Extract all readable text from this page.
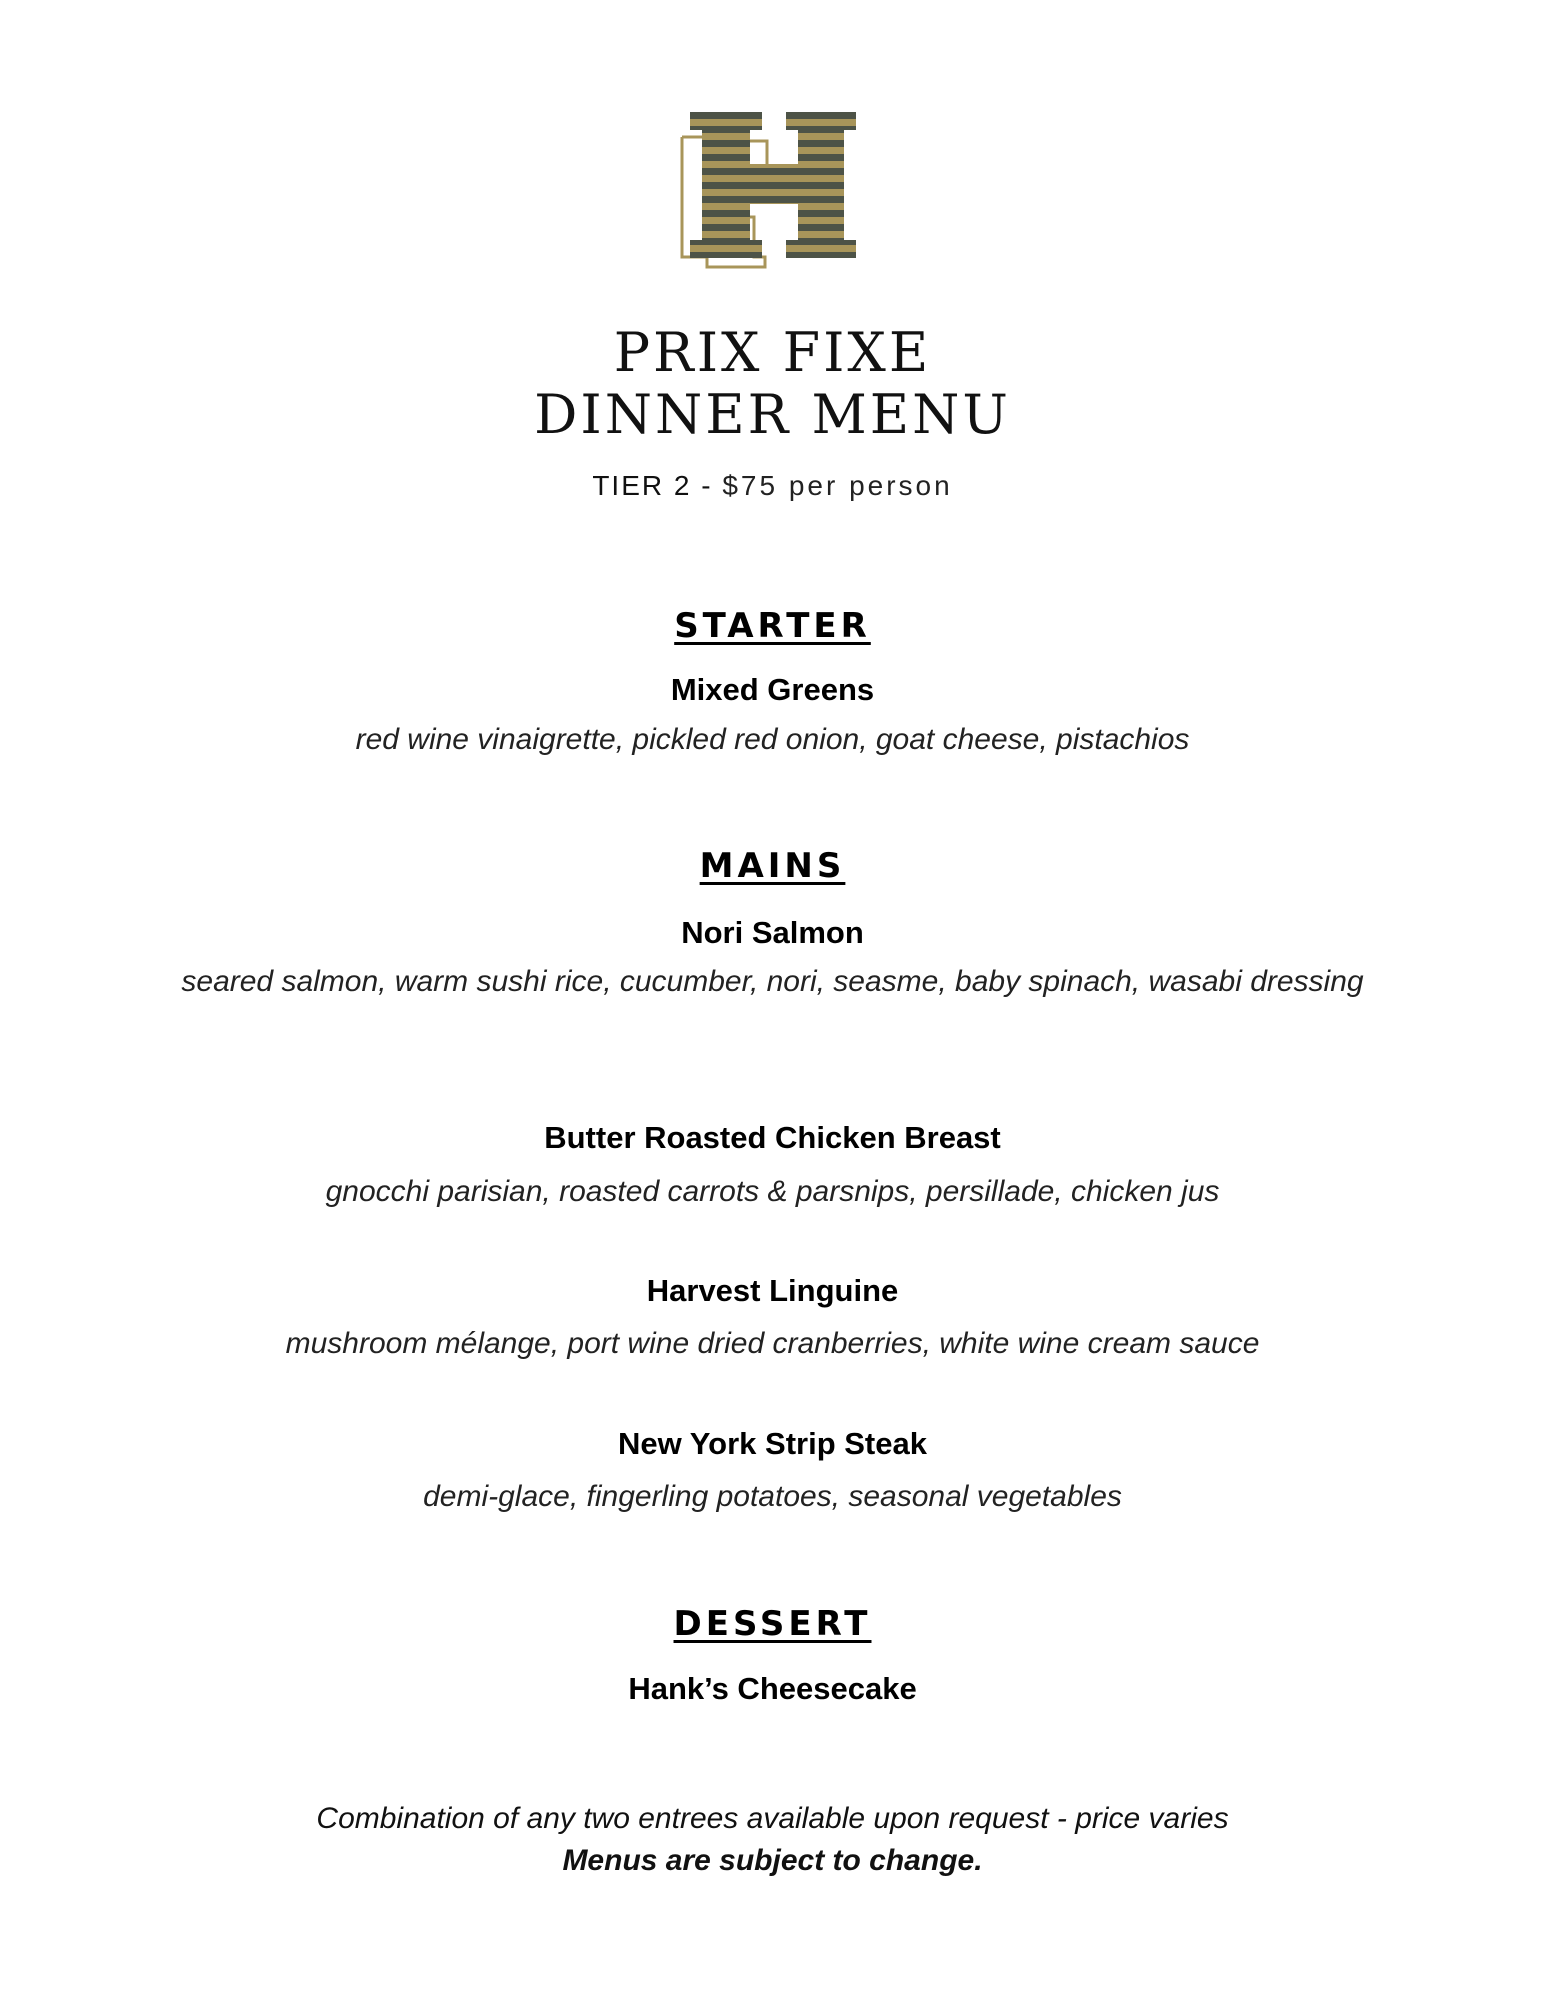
PRIX FIXE
DINNER MENU
TIER 2 - $75 per person
STARTER
Mixed Greens
red wine vinaigrette, pickled red onion, goat cheese, pistachios
MAINS
Nori Salmon
seared salmon, warm sushi rice, cucumber, nori, seasme, baby spinach, wasabi dressing
Butter Roasted Chicken Breast
gnocchi parisian, roasted carrots & parsnips, persillade, chicken jus
Harvest Linguine
mushroom mélange, port wine dried cranberries, white wine cream sauce
New York Strip Steak
demi-glace, fingerling potatoes, seasonal vegetables
DESSERT
Hank’s Cheesecake
Combination of any two entrees available upon request - price varies
Menus are subject to change.
